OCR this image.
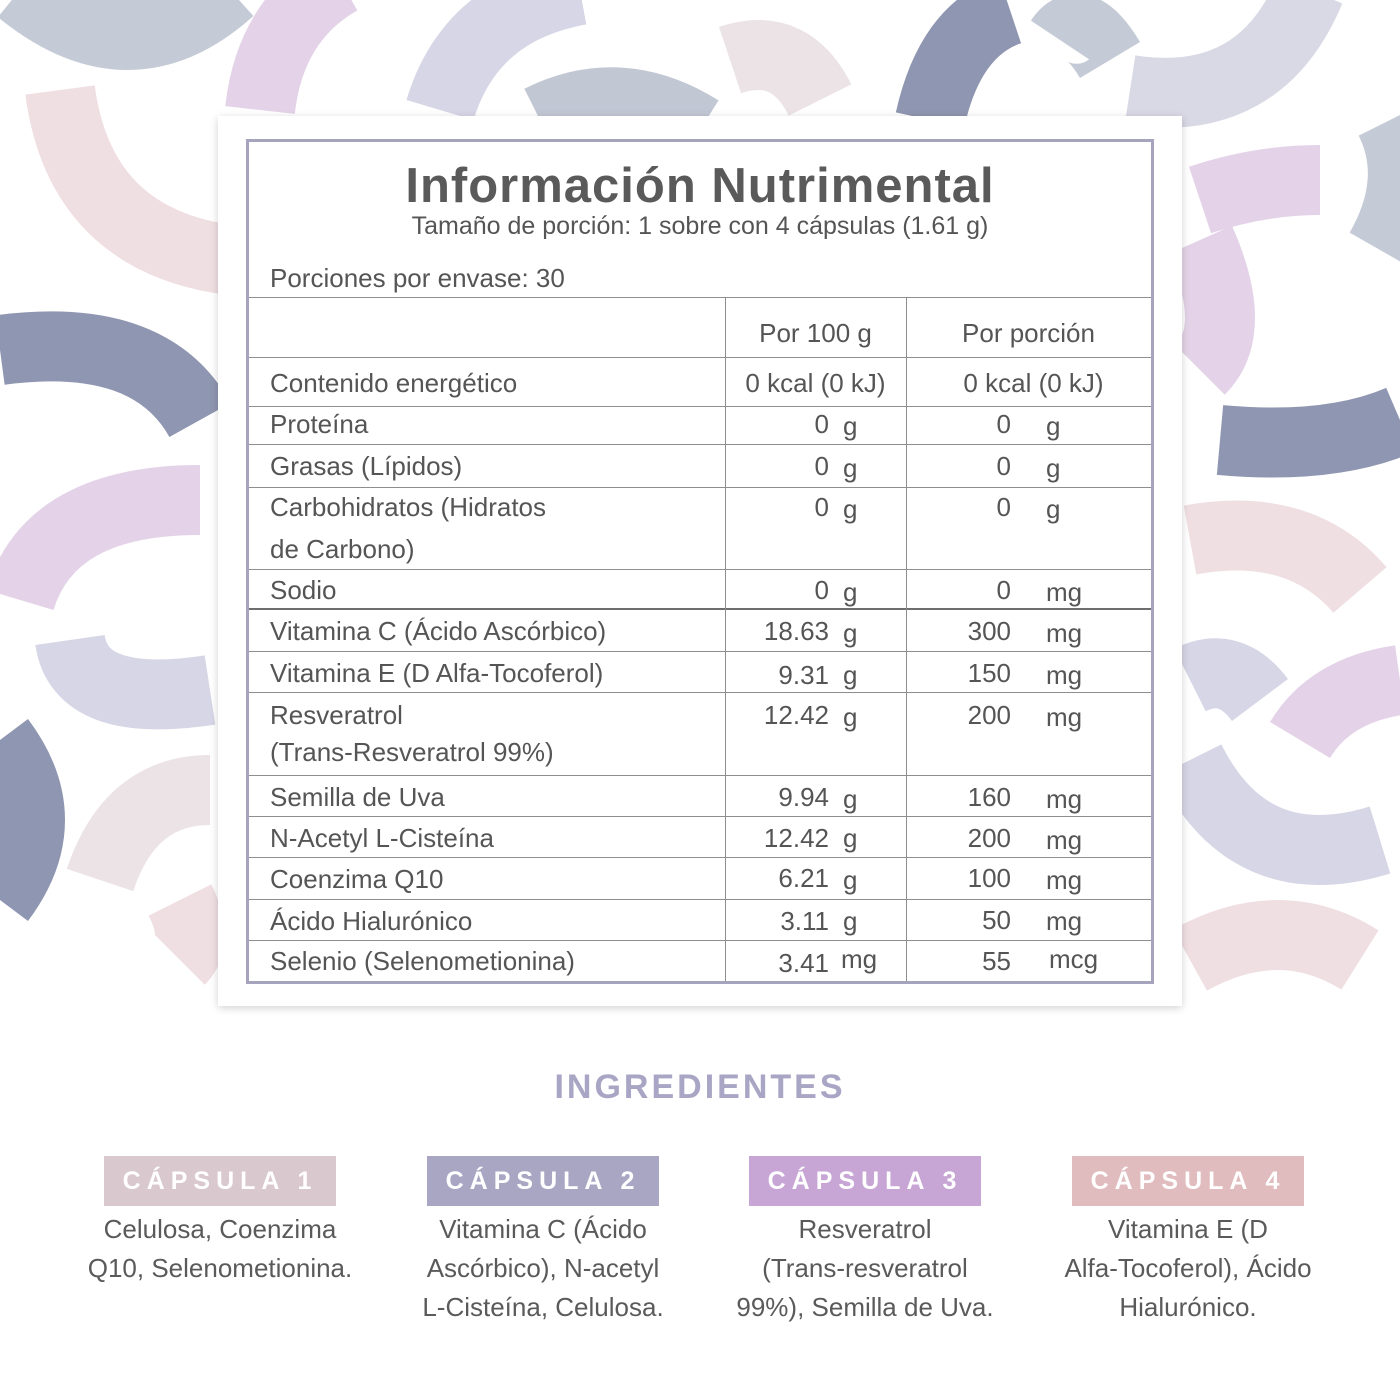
Información Nutrimental
Tamaño de porción: 1 sobre con 4 cápsulas (1.61 g)
Porciones por envase: 30
Por 100 g	Por porción
Contenido energético	0 kcal (0 kJ)	0 kcal (0 kJ)
Proteína	0 g	0 g
Grasas (Lípidos)	0 g	0 g
Carbohidratos (Hidratos
de Carbono)
0 g	0 g
Sodio	0 g	0 mg
Vitamina C (Ácido Ascórbico)	18.63 g	300 mg
Vitamina E (D Alfa-Tocoferol)	9.31 g	150 mg
Resveratrol
(Trans-Resveratrol 99%)
12.42 g	200 mg
Semilla de Uva	9.94 g	160 mg
N-Acetyl L-Cisteína	12.42 g	200 mg
Coenzima Q10	6.21 g	100 mg
Ácido Hialurónico	3.11 g	50 mg
Selenio (Selenometionina)	3.41 mg	55 mcg
INGREDIENTES
CÁPSULA 1
Celulosa, Coenzima
Q10, Selenometionina.
CÁPSULA 2
Vitamina C (Ácido
Ascórbico), N-acetyl
L-Cisteína, Celulosa.
CÁPSULA 3
Resveratrol
(Trans-resveratrol
99%), Semilla de Uva.
CÁPSULA 4
Vitamina E (D
Alfa-Tocoferol), Ácido
Hialurónico.
